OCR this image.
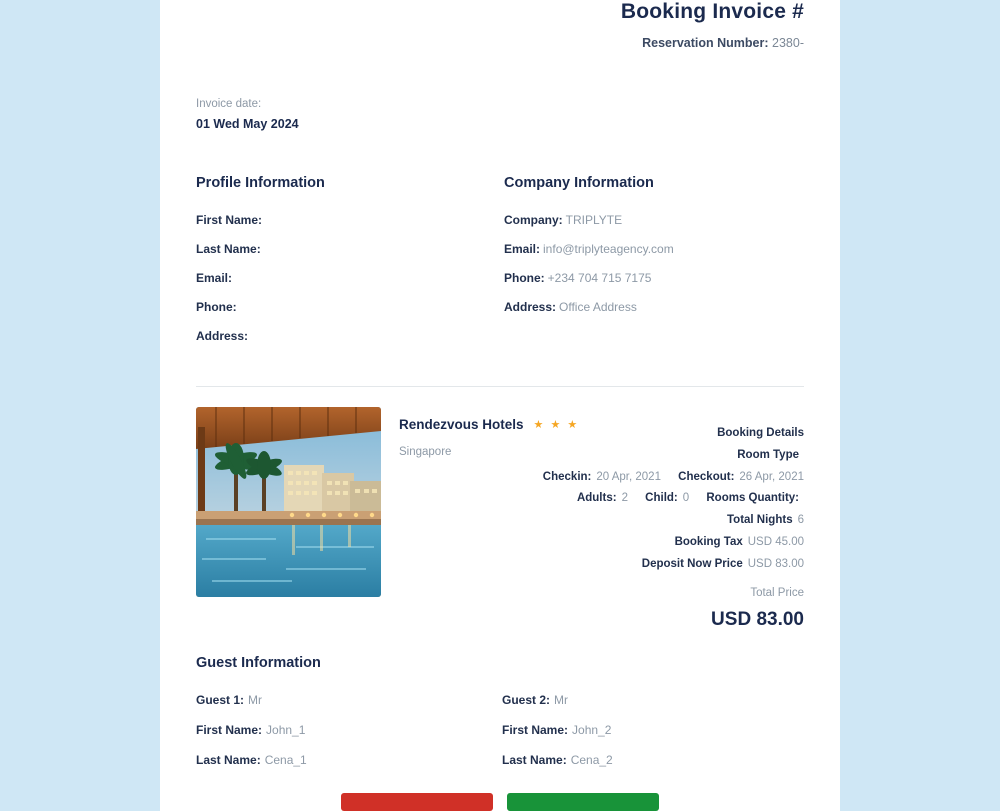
Booking Invoice #
Reservation Number: 2380-
Invoice date:
01 Wed May 2024
Profile Information
First Name:
Last Name:
Email:
Phone:
Address:
Company Information
Company: TRIPLYTE
Email: info@triplyteagency.com
Phone: +234 704 715 7175
Address: Office Address
Rendezvous Hotels ★ ★ ★
Singapore
Booking Details
Room Type
Checkin: 20 Apr, 2021 Checkout: 26 Apr, 2021
Adults: 2 Child: 0 Rooms Quantity:
Total Nights 6
Booking Tax USD 45.00
Deposit Now Price USD 83.00
Total Price
USD 83.00
Guest Information
Guest 1: Mr
First Name: John_1
Last Name: Cena_1
Guest 2: Mr
First Name: John_2
Last Name: Cena_2
